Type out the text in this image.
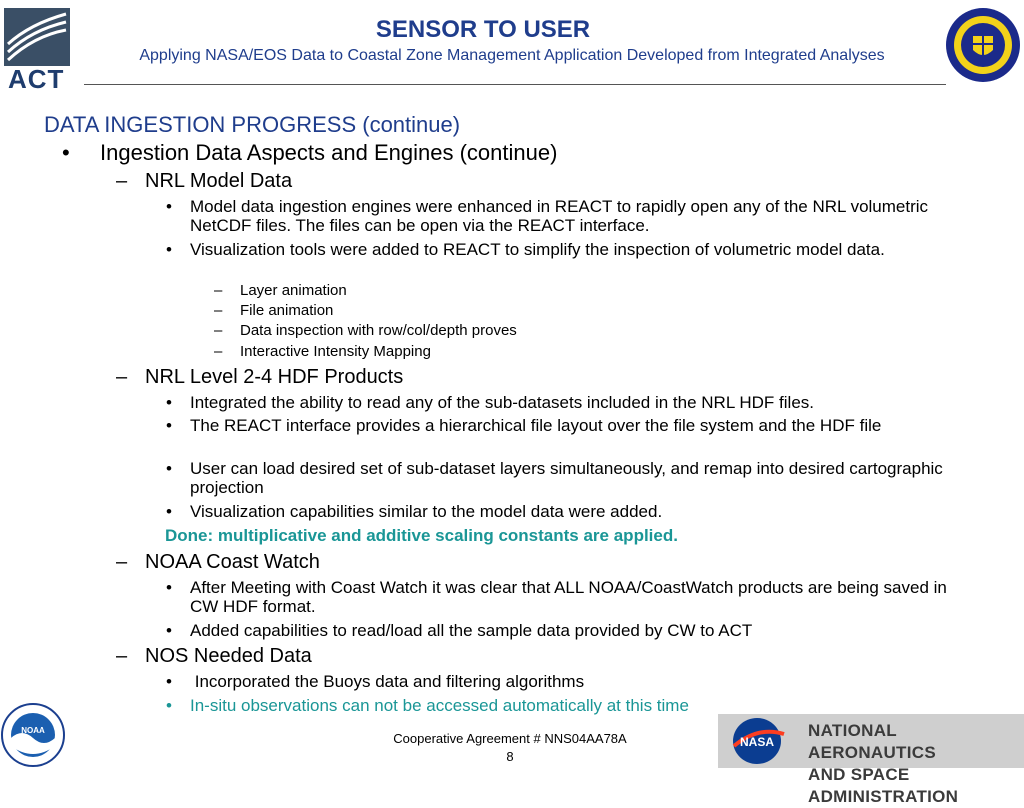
ACT
SENSOR TO USER
Applying NASA/EOS Data to Coastal Zone Management Application Developed from Integrated Analyses
DATA INGESTION PROGRESS (continue)
• Ingestion Data Aspects and Engines (continue)
– NRL Model Data
• Model data ingestion engines were enhanced in REACT to rapidly open any of the NRL volumetric NetCDF files. The files can be open via the REACT interface.
• Visualization tools were added to REACT to simplify the inspection of volumetric model data.
– Layer animation
– File animation
– Data inspection with row/col/depth proves
– Interactive Intensity Mapping
– NRL Level 2-4 HDF Products
• Integrated the ability to read any of the sub-datasets included in the NRL HDF files.
• The REACT interface provides a hierarchical file layout over the file system and the HDF file
• User can load desired set of sub-dataset layers simultaneously, and remap into desired cartographic projection
• Visualization capabilities similar to the model data were added.
Done: multiplicative and additive scaling constants are applied.
– NOAA Coast Watch
• After Meeting with Coast Watch it was clear that ALL NOAA/CoastWatch products are being saved in CW HDF format.
• Added capabilities to read/load all the sample data provided by CW to ACT
– NOS Needed Data
• Incorporated the Buoys data and filtering algorithms
• In-situ observations can not be accessed automatically at this time
NOAA
Cooperative Agreement # NNS04AA78A
8
NASA
NATIONAL AERONAUTICS
AND SPACE ADMINISTRATION
